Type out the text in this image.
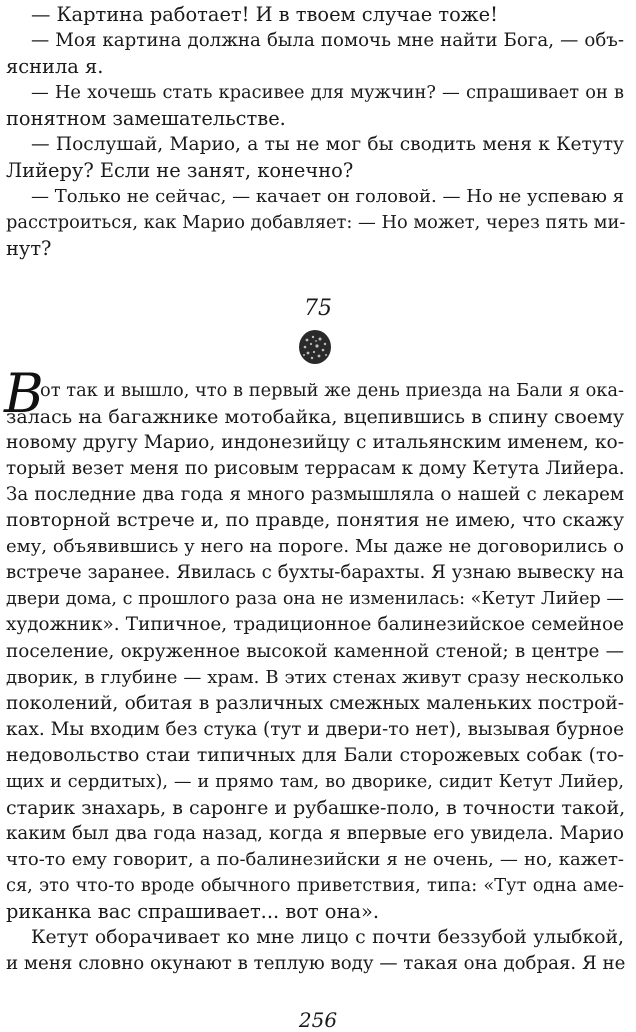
— Картина работает! И в твоем случае тоже!
— Моя картина должна была помочь мне найти Бога, — объ-
яснила я.
— Не хочешь стать красивее для мужчин? — спрашивает он в
понятном замешательстве.
— Послушай, Марио, а ты не мог бы сводить меня к Кетуту
Лийеру? Если не занят, конечно?
— Только не сейчас, — качает он головой. — Но не успеваю я
расстроиться, как Марио добавляет: — Но может, через пять ми-
нут?
75
В
от так и вышло, что в первый же день приезда на Бали я ока-
залась на багажнике мотобайка, вцепившись в спину своему
новому другу Марио, индонезийцу с итальянским именем, ко-
торый везет меня по рисовым террасам к дому Кетута Лийера.
За последние два года я много размышляла о нашей с лекарем
повторной встрече и, по правде, понятия не имею, что скажу
ему, объявившись у него на пороге. Мы даже не договорились о
встрече заранее. Явилась с бухты-барахты. Я узнаю вывеску на
двери дома, с прошлого раза она не изменилась: «Кетут Лийер —
художник». Типичное, традиционное балинезийское семейное
поселение, окруженное высокой каменной стеной; в центре —
дворик, в глубине — храм. В этих стенах живут сразу несколько
поколений, обитая в различных смежных маленьких построй-
ках. Мы входим без стука (тут и двери-то нет), вызывая бурное
недовольство стаи типичных для Бали сторожевых собак (то-
щих и сердитых), — и прямо там, во дворике, сидит Кетут Лийер,
старик знахарь, в саронге и рубашке-поло, в точности такой,
каким был два года назад, когда я впервые его увидела. Марио
что-то ему говорит, а по-балинезийски я не очень, — но, кажет-
ся, это что-то вроде обычного приветствия, типа: «Тут одна аме-
риканка вас спрашивает... вот она».
Кетут оборачивает ко мне лицо с почти беззубой улыбкой,
и меня словно окунают в теплую воду — такая она добрая. Я не
256
